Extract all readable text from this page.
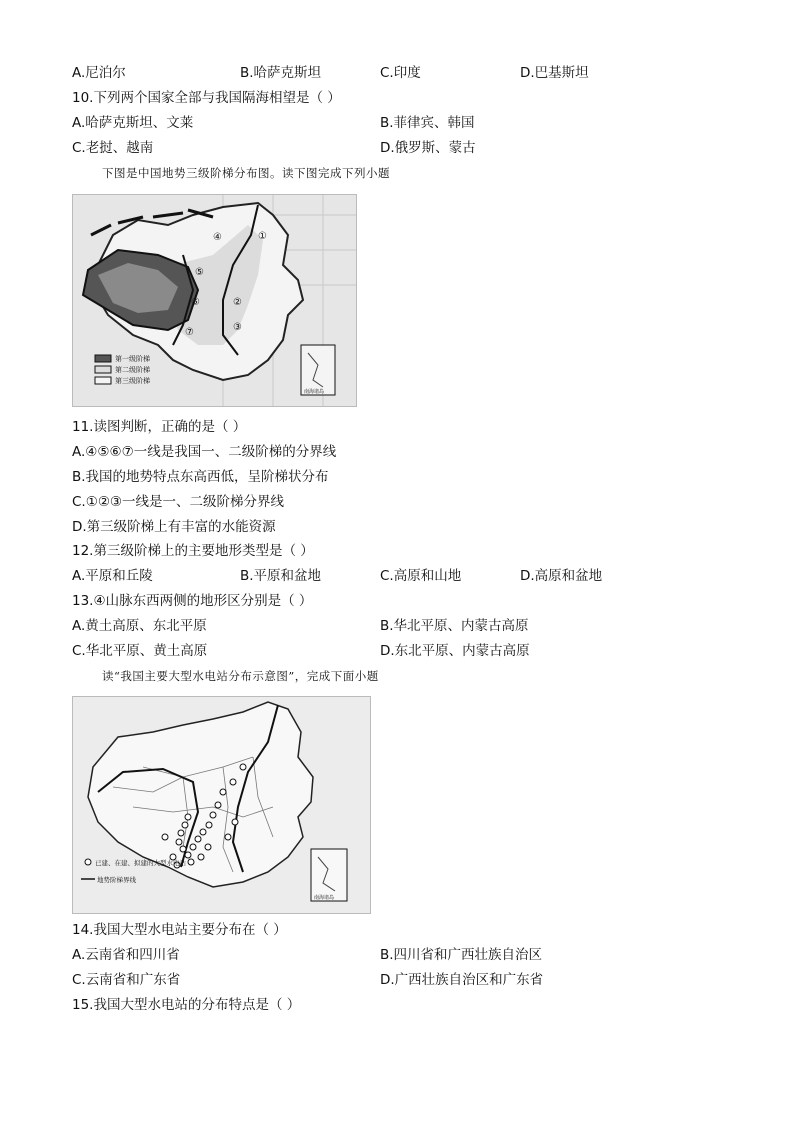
A.尼泊尔	B.哈萨克斯坦	C.印度	D.巴基斯坦
10.下列两个国家全部与我国隔海相望是（ ）
A.哈萨克斯坦、文莱	B.菲律宾、韩国
C.老挝、越南	D.俄罗斯、蒙古
下图是中国地势三级阶梯分布图。读下图完成下列小题
①
②
③
④
⑤
⑥
⑦
第一级阶梯
第二级阶梯
第三级阶梯
南海诸岛
11.读图判断，正确的是（ ）
A.④⑤⑥⑦一线是我国一、二级阶梯的分界线
B.我国的地势特点东高西低，呈阶梯状分布
C.①②③一线是一、二级阶梯分界线
D.第三级阶梯上有丰富的水能资源
12.第三级阶梯上的主要地形类型是（ ）
A.平原和丘陵	B.平原和盆地	C.高原和山地	D.高原和盆地
13.④山脉东西两侧的地形区分别是（ ）
A.黄土高原、东北平原	B.华北平原、内蒙古高原
C.华北平原、黄土高原	D.东北平原、内蒙古高原
读“我国主要大型水电站分布示意图”，完成下面小题
已建、在建、拟建的大型水电站
地势阶梯界线
南海诸岛
14.我国大型水电站主要分布在（ ）
A.云南省和四川省	B.四川省和广西壮族自治区
C.云南省和广东省	D.广西壮族自治区和广东省
15.我国大型水电站的分布特点是（ ）
